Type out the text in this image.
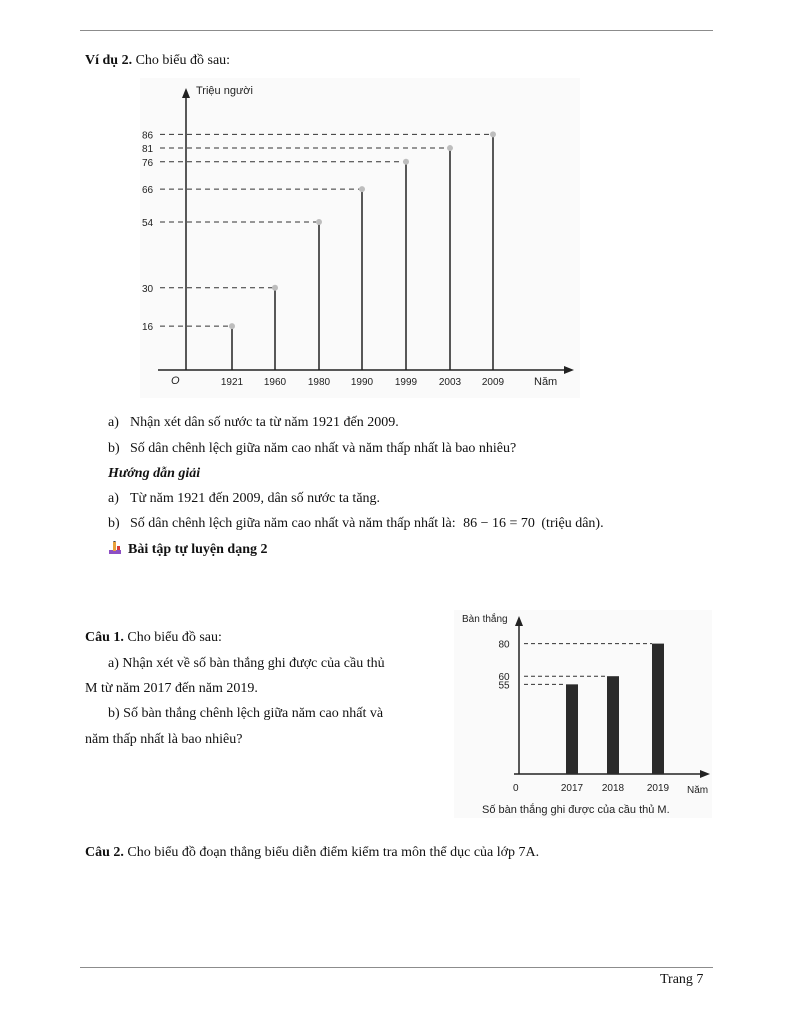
Ví dụ 2. Cho biểu đồ sau:
Triệu người
O	Năm
16
1921
30
1960
54
1980
66
1990
76
1999
81
2003
86
2009
a) Nhận xét dân số nước ta từ năm 1921 đến 2009.
b) Số dân chênh lệch giữa năm cao nhất và năm thấp nhất là bao nhiêu?
Hướng dẫn giải
a) Từ năm 1921 đến 2009, dân số nước ta tăng.
b) Số dân chênh lệch giữa năm cao nhất và năm thấp nhất là: 86 − 16 = 70 (triệu dân).
Bài tập tự luyện dạng 2
Câu 1. Cho biểu đồ sau:
a) Nhận xét về số bàn thắng ghi được của cầu thủ
M từ năm 2017 đến năm 2019.
b) Số bàn thắng chênh lệch giữa năm cao nhất và
năm thấp nhất là bao nhiêu?
Bàn thắng
0	Năm
Số bàn thắng ghi được của cầu thủ M.
55
2017
60
2018
80
2019
Câu 2. Cho biểu đồ đoạn thẳng biểu diễn điểm kiểm tra môn thể dục của lớp 7A.
Trang 7
